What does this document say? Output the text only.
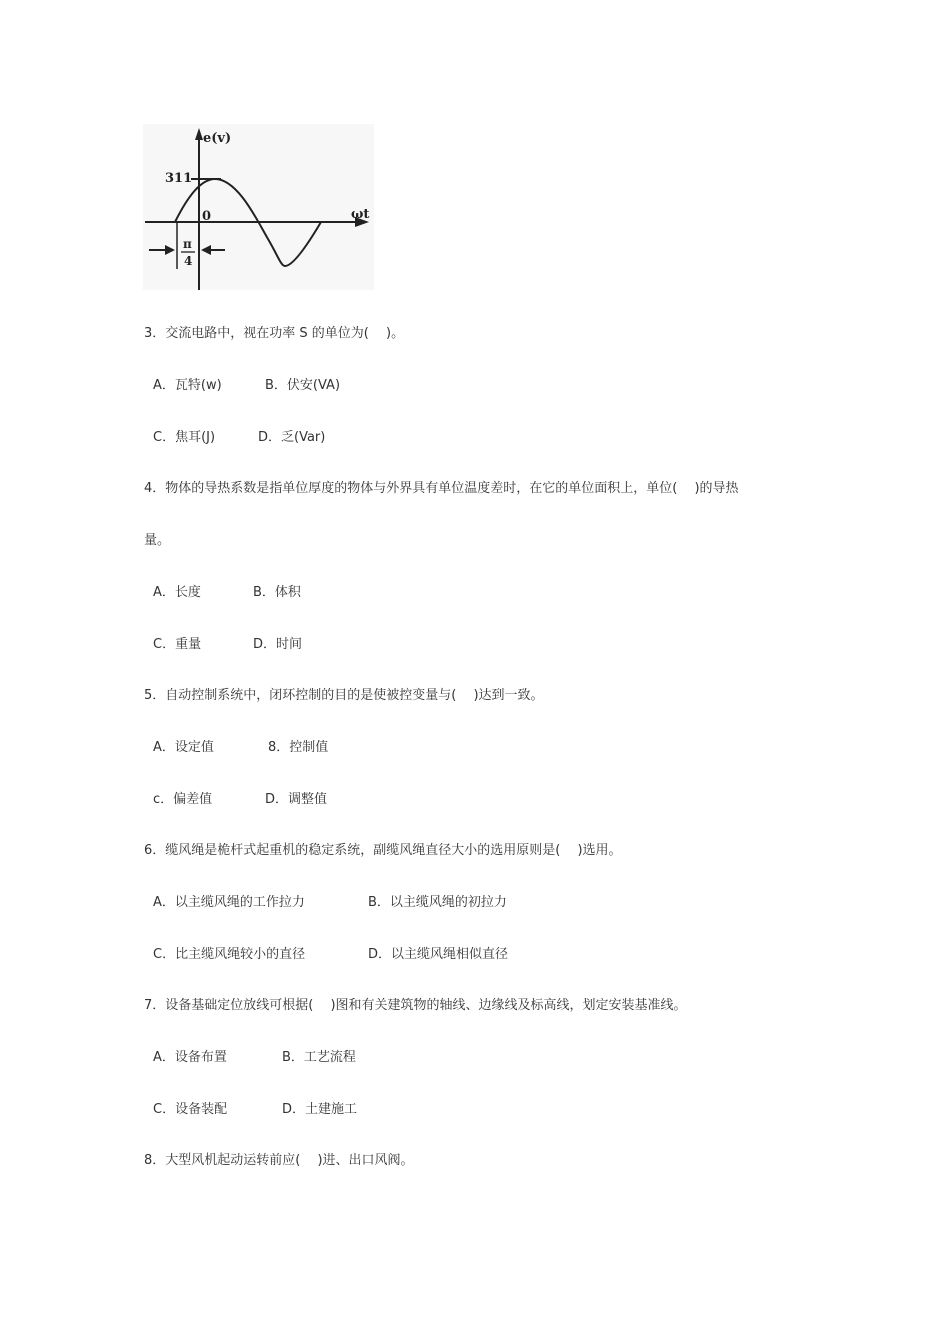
e(v)
311
0	ωt
π
4
3．交流电路中，视在功率 S 的单位为(　 )。
A．瓦特(w)	B．伏安(VA)
C．焦耳(J)	D．乏(Var)
4．物体的导热系数是指单位厚度的物体与外界具有单位温度差时，在它的单位面积上，单位(　 )的导热
量。
A．长度	B．体积
C．重量	D．时间
5．自动控制系统中，闭环控制的目的是使被控变量与(　 )达到一致。
A．设定值	8．控制值
c．偏差值	D．调整值
6．缆风绳是桅杆式起重机的稳定系统，副缆风绳直径大小的选用原则是(　 )选用。
A．以主缆风绳的工作拉力	B．以主缆风绳的初拉力
C．比主缆风绳较小的直径	D．以主缆风绳相似直径
7．设备基础定位放线可根据(　 )图和有关建筑物的轴线、边缘线及标高线，划定安装基准线。
A．设备布置	B．工艺流程
C．设备装配	D．土建施工
8．大型风机起动运转前应(　 )进、出口风阀。
